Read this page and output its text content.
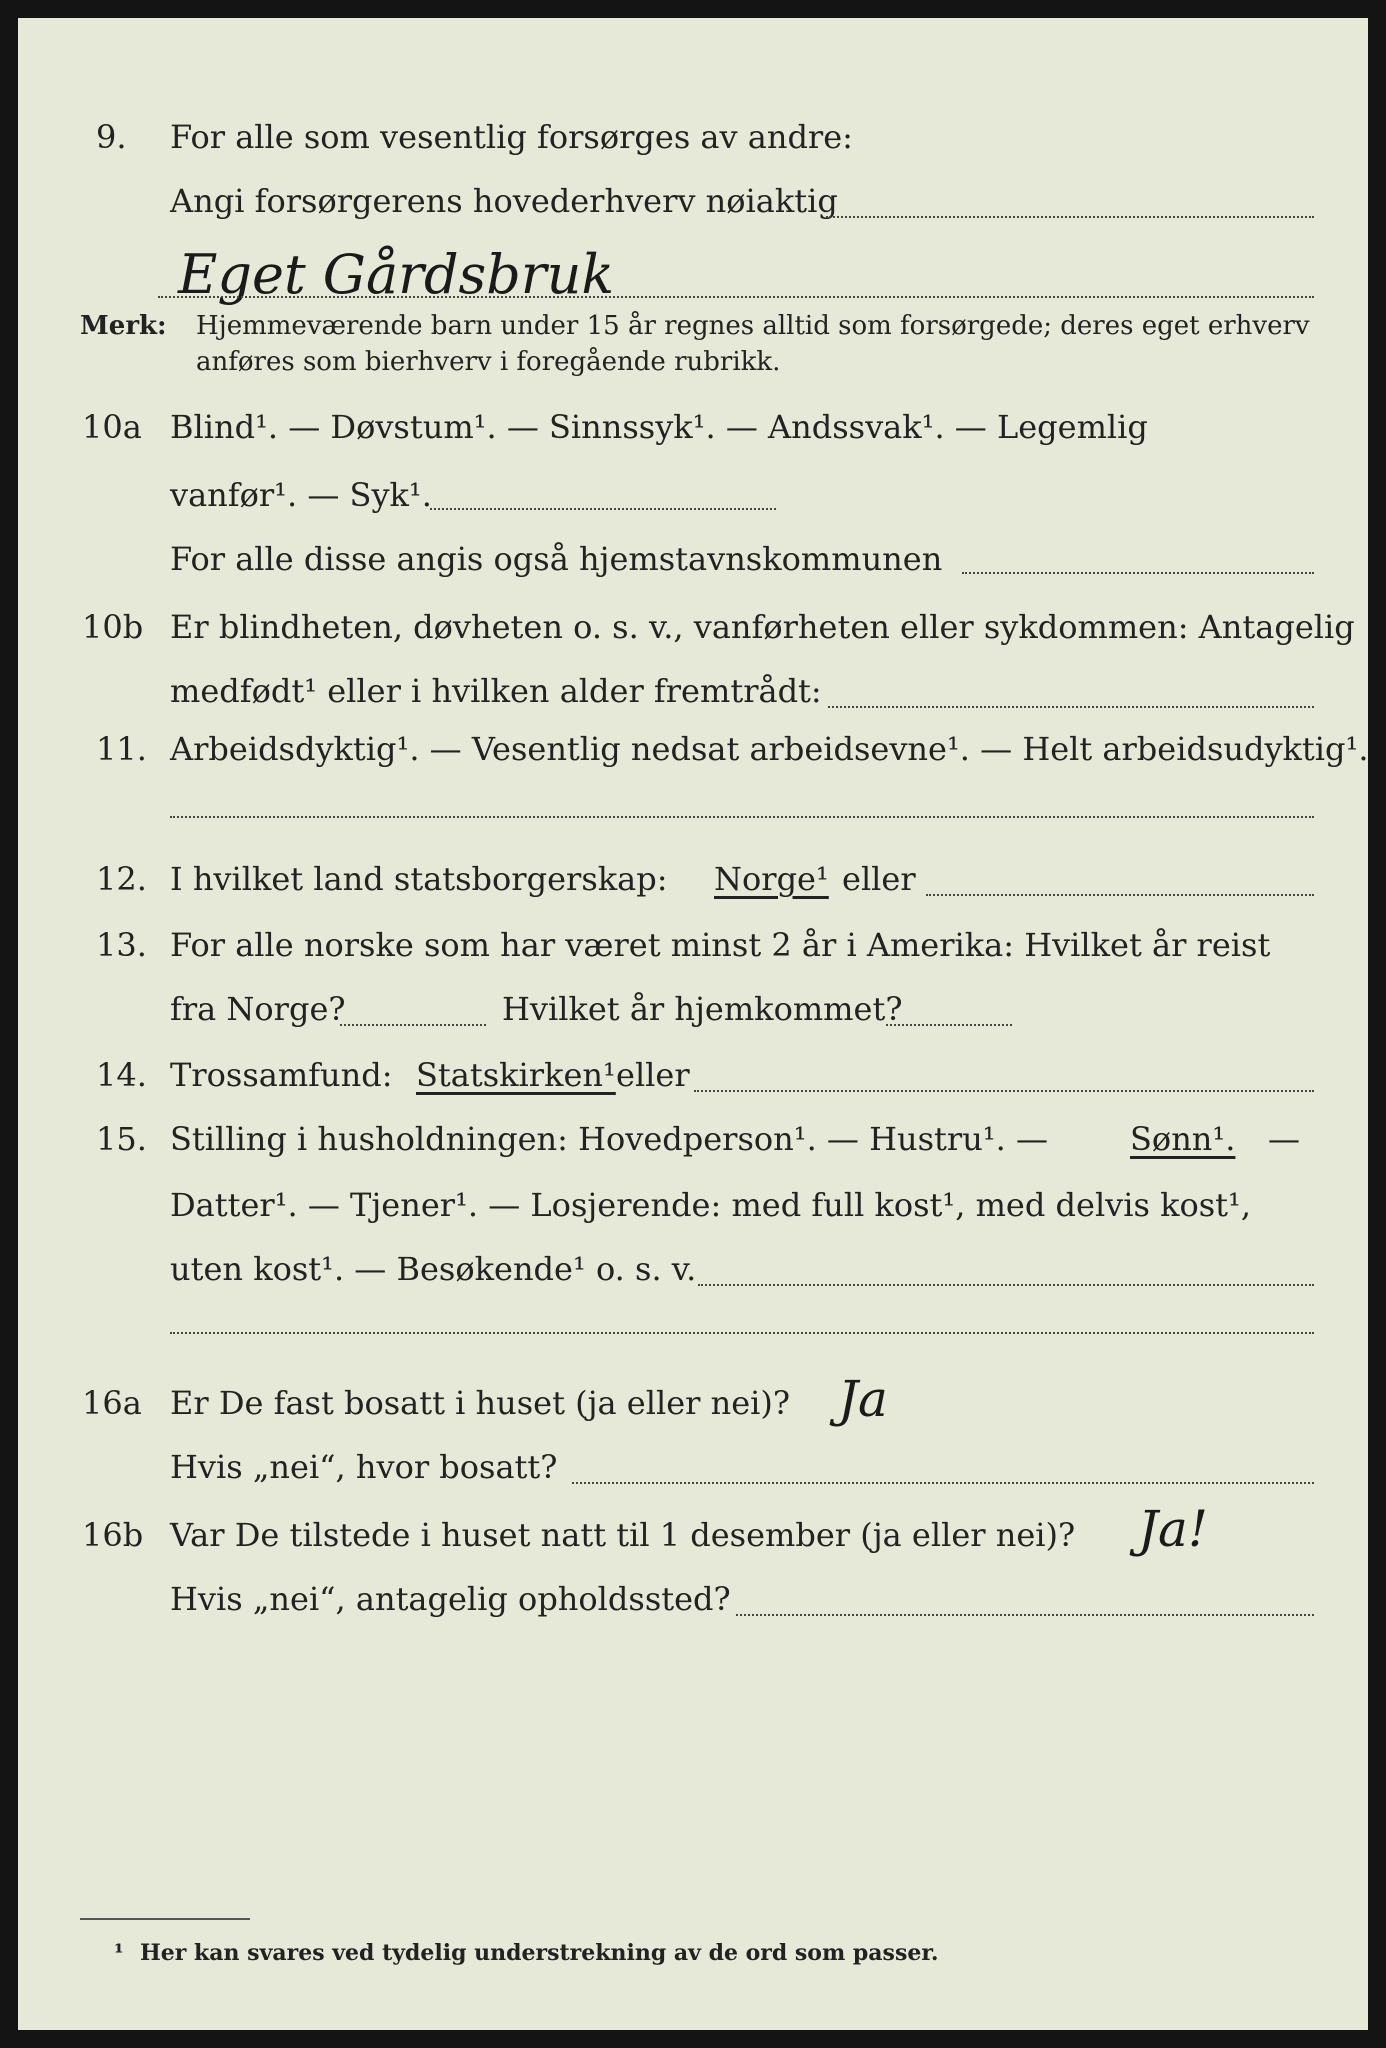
9. For alle som vesentlig forsørges av andre:
Angi forsørgerens hovederhverv nøiaktig
Eget Gårdsbruk
Merk: Hjemmeværende barn under 15 år regnes alltid som forsørgede; deres eget erhverv
anføres som bierhverv i foregående rubrikk.
10a Blind¹. — Døvstum¹. — Sinnssyk¹. — Andssvak¹. — Legemlig
vanfør¹. — Syk¹.
For alle disse angis også hjemstavnskommunen
10b Er blindheten, døvheten o. s. v., vanførheten eller sykdommen: Antagelig
medfødt¹ eller i hvilken alder fremtrådt:
11. Arbeidsdyktig¹. — Vesentlig nedsat arbeidsevne¹. — Helt arbeidsudyktig¹.
12. I hvilket land statsborgerskap: Norge¹ eller
13. For alle norske som har været minst 2 år i Amerika: Hvilket år reist
fra Norge?	Hvilket år hjemkommet?
14. Trossamfund: Statskirken¹ eller
15. Stilling i husholdningen: Hovedperson¹. — Hustru¹. —	Sønn¹. —
Datter¹. — Tjener¹. — Losjerende: med full kost¹, med delvis kost¹,
uten kost¹. — Besøkende¹ o. s. v.
16a Er De fast bosatt i huset (ja eller nei)? Ja
Hvis „nei“, hvor bosatt?
16b Var De tilstede i huset natt til 1 desember (ja eller nei)? Ja!
Hvis „nei“, antagelig opholdssted?
¹ Her kan svares ved tydelig understrekning av de ord som passer.
